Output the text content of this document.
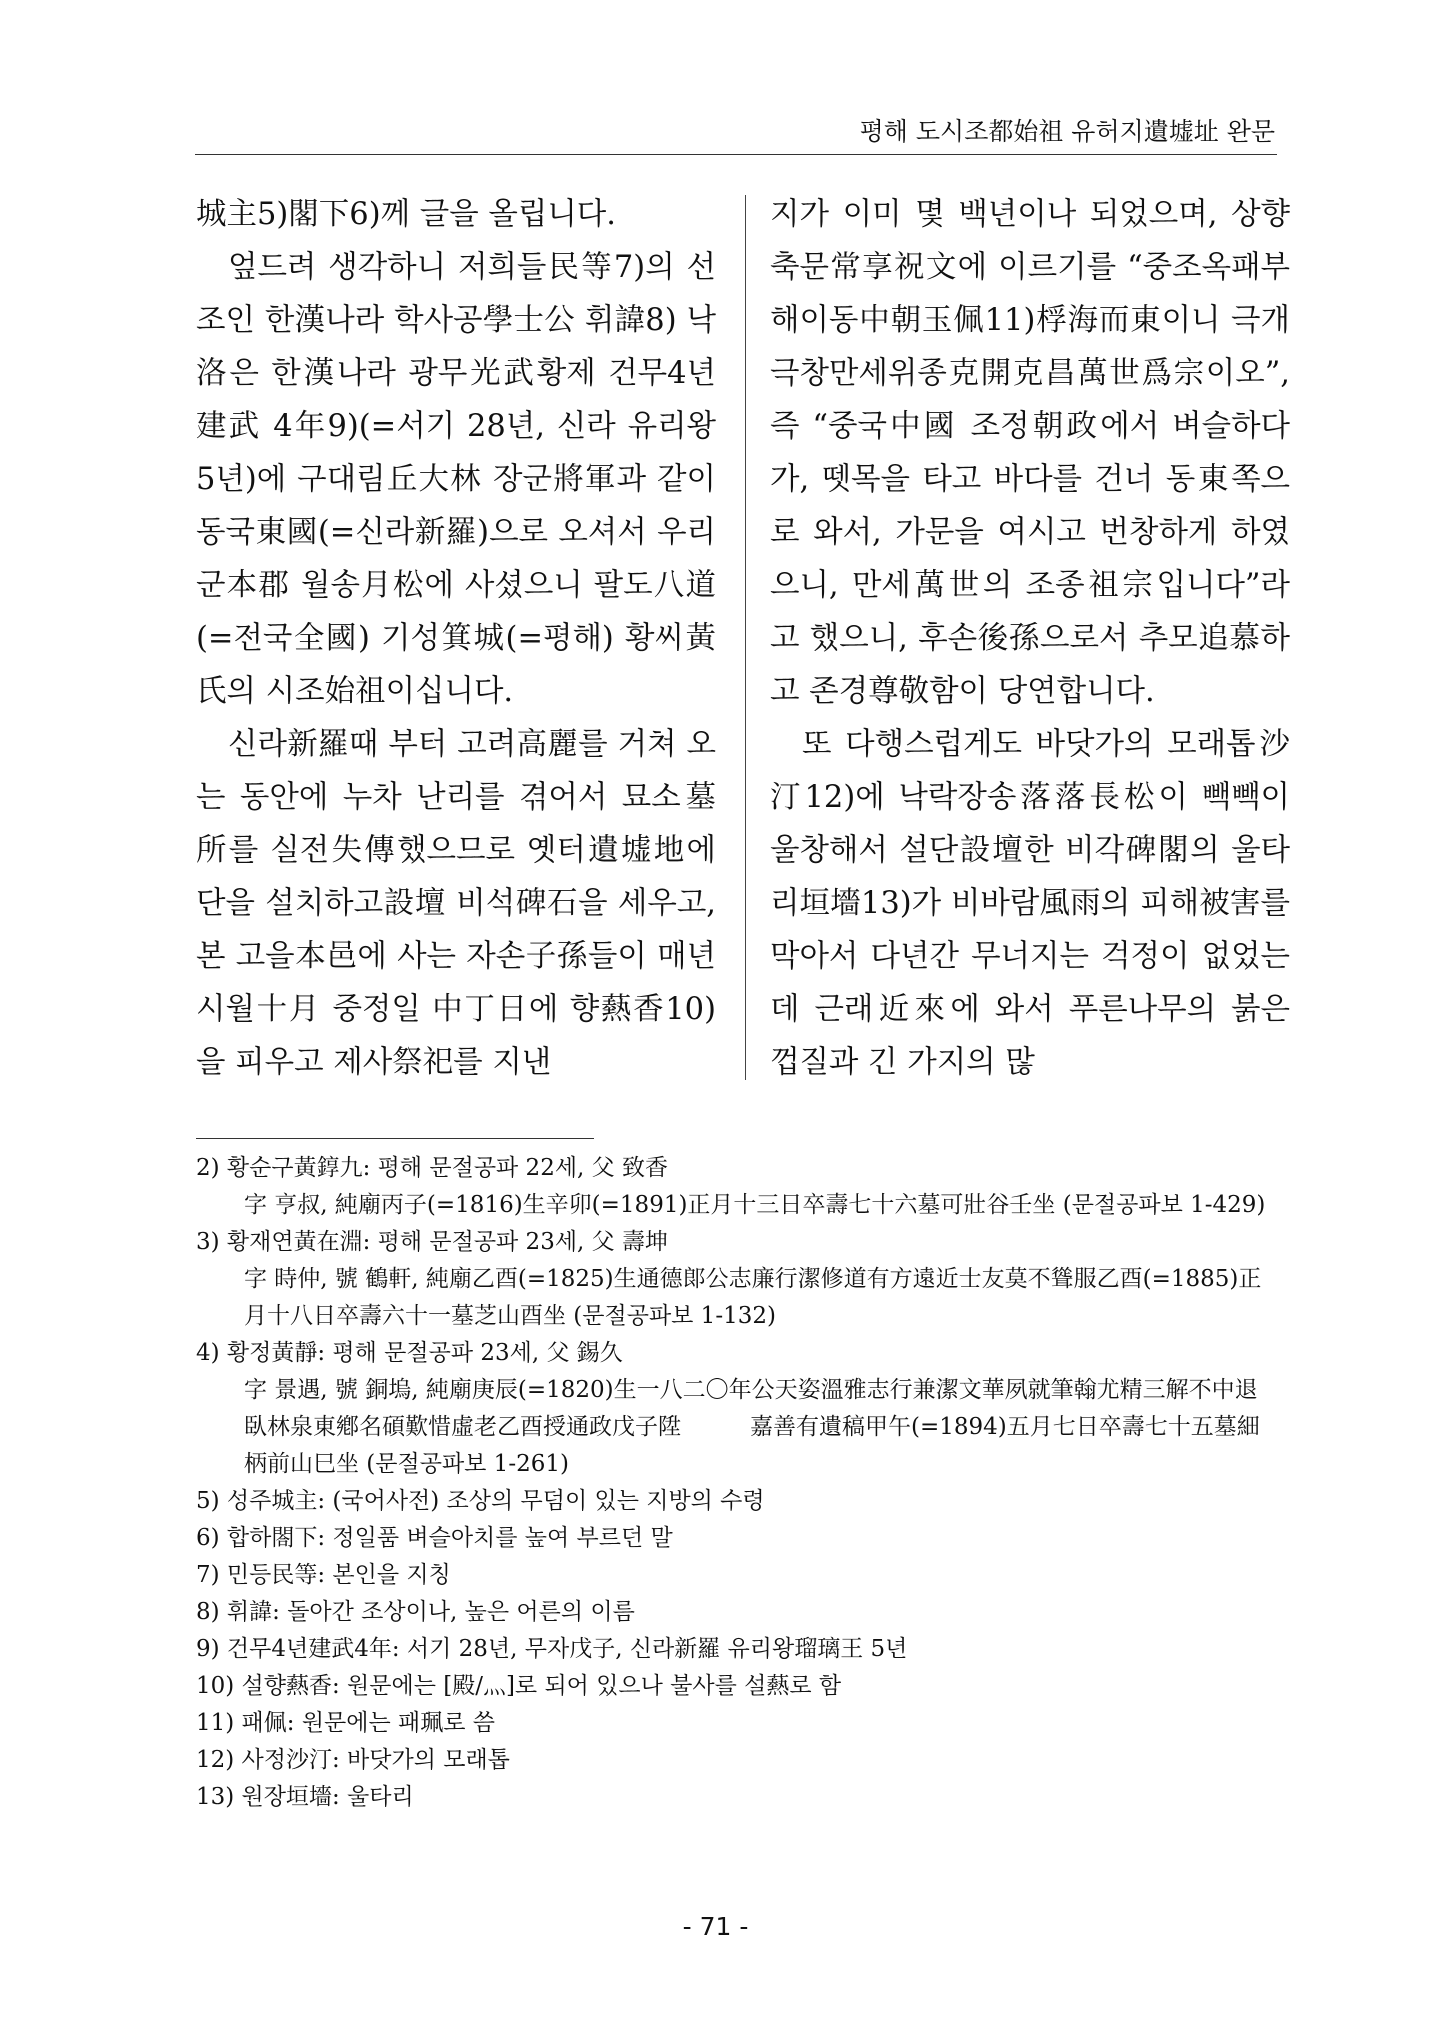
평해 도시조都始祖 유허지遺墟址 완문

城主5)閣下6)께 글을 올립니다.

엎드려 생각하니 저희들民等7)의 선조인 한漢나라 학사공學士公 휘諱8) 낙洛은 한漢나라 광무光武황제 건무4년建武 4年9)(=서기 28년, 신라 유리왕 5년)에 구대림丘大林 장군將軍과 같이 동국東國(=신라新羅)으로 오셔서 우리 군本郡 월송月松에 사셨으니 팔도八道(=전국全國) 기성箕城(=평해) 황씨黃氏의 시조始祖이십니다.

신라新羅때 부터 고려高麗를 거쳐 오는 동안에 누차 난리를 겪어서 묘소墓所를 실전失傳했으므로 옛터遺墟地에 단을 설치하고設壇 비석碑石을 세우고, 본 고을本邑에 사는 자손子孫들이 매년 시월十月 중정일 中丁日에 향爇香10)을 피우고 제사祭祀를 지낸

지가 이미 몇 백년이나 되었으며, 상향축문常享祝文에 이르기를 “중조옥패부해이동中朝玉佩11)桴海而東이니 극개극창만세위종克開克昌萬世爲宗이오”, 즉 “중국中國 조정朝政에서 벼슬하다가, 뗏목을 타고 바다를 건너 동東쪽으로 와서, 가문을 여시고 번창하게 하였으니, 만세萬世의 조종祖宗입니다”라고 했으니, 후손後孫으로서 추모追慕하고 존경尊敬함이 당연합니다.

또 다행스럽게도 바닷가의 모래톱沙汀12)에 낙락장송落落長松이 빽빽이 울창해서 설단設壇한 비각碑閣의 울타리垣墻13)가 비바람風雨의 피해被害를 막아서 다년간 무너지는 걱정이 없었는데 근래近來에 와서 푸른나무의 붉은 껍질과 긴 가지의 많

2) 황순구黃錞九: 평해 문절공파 22세, 父 致香

字 亨叔, 純廟丙子(=1816)生辛卯(=1891)正月十三日卒壽七十六墓可壯谷壬坐 (문절공파보 1-429)

3) 황재연黃在淵: 평해 문절공파 23세, 父 壽坤

字 時仲, 號 鶴軒, 純廟乙酉(=1825)生通德郞公志廉行潔修道有方遠近士友莫不聳服乙酉(=1885)正月十八日卒壽六十一墓芝山酉坐 (문절공파보 1-132)

4) 황정黃靜: 평해 문절공파 23세, 父 錫久

字 景遇, 號 銅塢, 純廟庚辰(=1820)生一八二〇年公天姿溫雅志行兼潔文華夙就筆翰尤精三解不中退臥林泉東鄕名碩歎惜虛老乙酉授通政戊子陞　　　嘉善有遺稿甲午(=1894)五月七日卒壽七十五墓細柄前山巳坐 (문절공파보 1-261)

5) 성주城主: (국어사전) 조상의 무덤이 있는 지방의 수령

6) 합하閤下: 정일품 벼슬아치를 높여 부르던 말

7) 민등民等: 본인을 지칭

8) 휘諱: 돌아간 조상이나, 높은 어른의 이름

9) 건무4년建武4年: 서기 28년, 무자戊子, 신라新羅 유리왕瑠璃王 5년

10) 설향爇香: 원문에는 [殿/灬]로 되어 있으나 불사를 설爇로 함

11) 패佩: 원문에는 패珮로 씀

12) 사정沙汀: 바닷가의 모래톱

13) 원장垣墻: 울타리

- 71 -
